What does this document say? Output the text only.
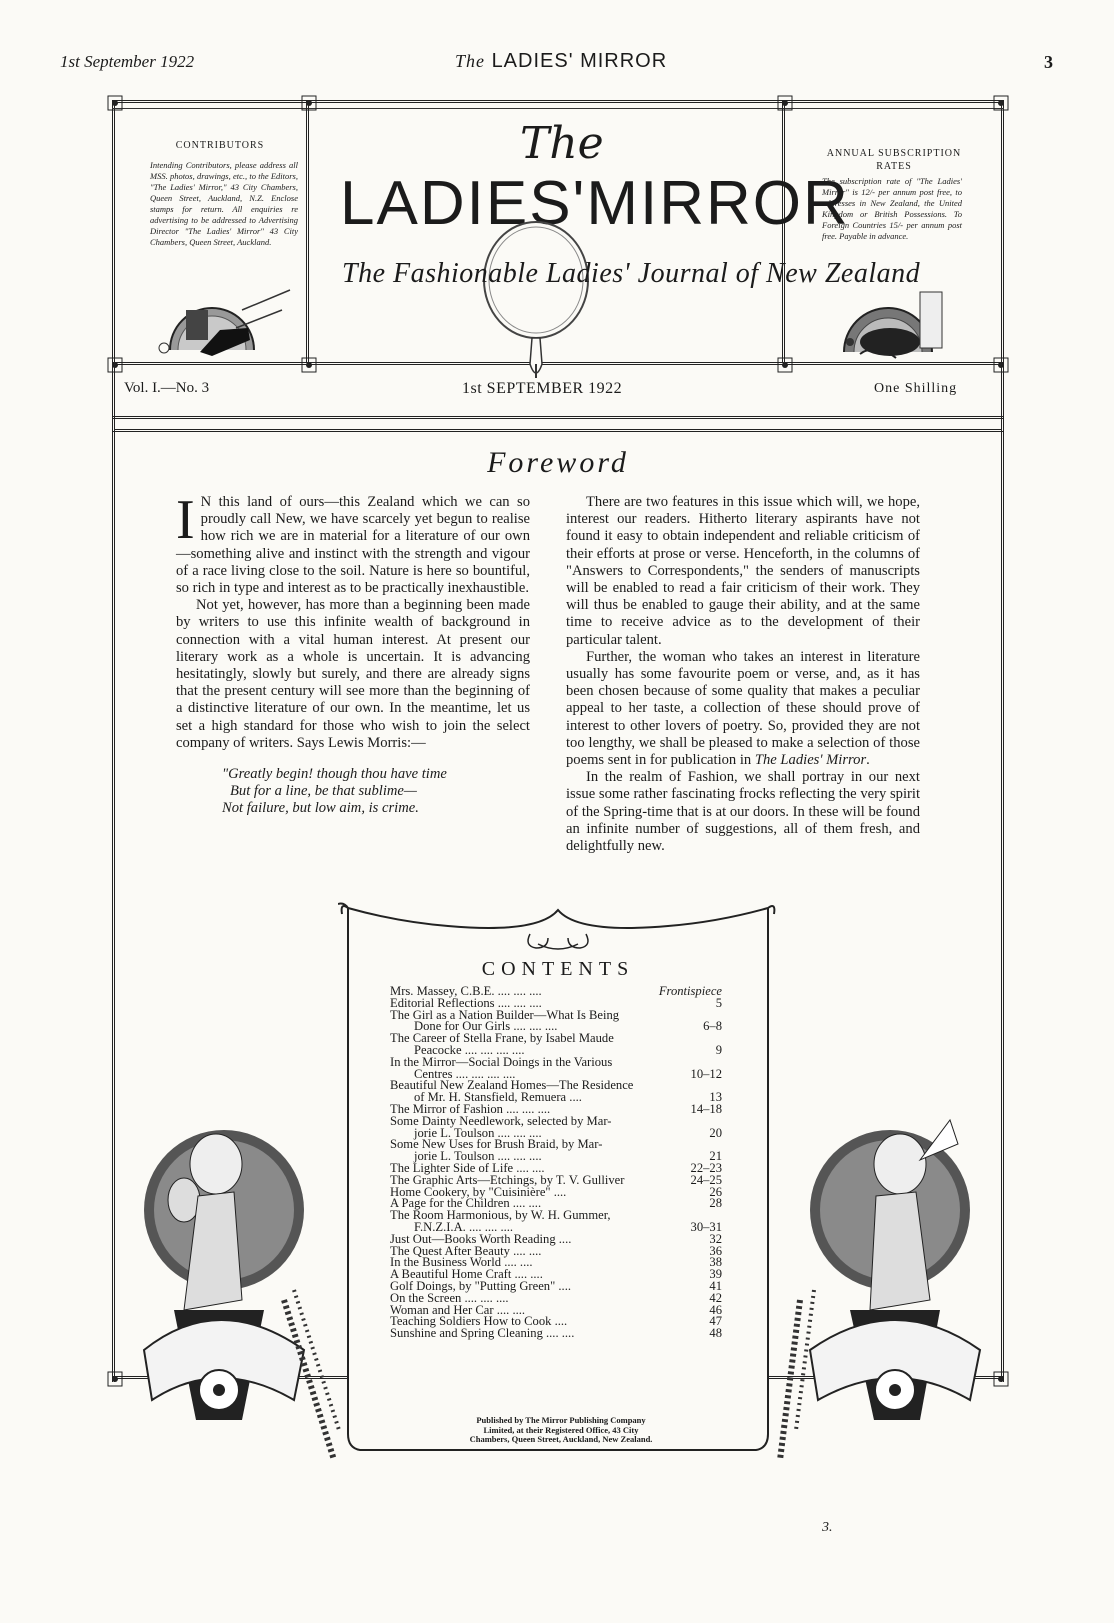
1st September 1922	The LADIES' MIRROR	3
CONTRIBUTORS
Intending Contributors, please address all MSS. photos, drawings, etc., to the Editors, "The Ladies' Mirror," 43 City Chambers, Queen Street, Auckland, N.Z. Enclose stamps for return. All enquiries re advertising to be addressed to Advertising Director "The Ladies' Mirror" 43 City Chambers, Queen Street, Auckland.
ANNUAL SUBSCRIPTION RATES
The subscription rate of "The Ladies' Mirror" is 12/- per annum post free, to addresses in New Zealand, the United Kingdom or British Possessions. To Foreign Countries 15/- per annum post free. Payable in advance.
The
LADIES'MIRROR
The Fashionable Ladies' Journal of New Zealand
Vol. I.—No. 3	1st SEPTEMBER 1922	One Shilling
Foreword

I N this land of ours—this Zealand which we can so proudly call New, we have scarcely yet begun to realise how rich we are in material for a literature of our own—something alive and instinct with the strength and vigour of a race living close to the soil. Nature is here so bountiful, so rich in type and interest as to be practically inexhaustible.

Not yet, however, has more than a beginning been made by writers to use this infinite wealth of background in connection with a vital human interest. At present our literary work as a whole is uncertain. It is advancing hesitatingly, slowly but surely, and there are already signs that the present century will see more than the beginning of a distinctive literature of our own. In the meantime, let us set a high standard for those who wish to join the select company of writers. Says Lewis Morris:—

"Greatly begin! though thou have time
But for a line, be that sublime—
Not failure, but low aim, is crime.

There are two features in this issue which will, we hope, interest our readers. Hitherto literary aspirants have not found it easy to obtain independent and reliable criticism of their efforts at prose or verse. Henceforth, in the columns of "Answers to Correspondents," the senders of manuscripts will be enabled to read a fair criticism of their work. They will thus be enabled to gauge their ability, and at the same time to receive advice as to the development of their particular talent.

Further, the woman who takes an interest in literature usually has some favourite poem or verse, and, as it has been chosen because of some quality that makes a peculiar appeal to her taste, a collection of these should prove of interest to other lovers of poetry. So, provided they are not too lengthy, we shall be pleased to make a selection of those poems sent in for publication in The Ladies' Mirror.

In the realm of Fashion, we shall portray in our next issue some rather fascinating frocks reflecting the very spirit of the Spring-time that is at our doors. In these will be found an infinite number of suggestions, all of them fresh, and delightfully new.

CONTENTS
Mrs. Massey, C.B.E. .... .... ....	Frontispiece
Editorial Reflections .... .... ....	5
The Girl as a Nation Builder—What Is Being
Done for Our Girls .... .... ....	6–8
The Career of Stella Frane, by Isabel Maude
Peacocke .... .... .... ....	9
In the Mirror—Social Doings in the Various
Centres .... .... .... ....	10–12
Beautiful New Zealand Homes—The Residence
of Mr. H. Stansfield, Remuera ....	13
The Mirror of Fashion .... .... ....	14–18
Some Dainty Needlework, selected by Mar-
jorie L. Toulson .... .... ....	20
Some New Uses for Brush Braid, by Mar-
jorie L. Toulson .... .... ....	21
The Lighter Side of Life .... ....	22–23
The Graphic Arts—Etchings, by T. V. Gulliver	24–25
Home Cookery, by "Cuisinière" ....	26
A Page for the Children .... ....	28
The Room Harmonious, by W. H. Gummer,
F.N.Z.I.A. .... .... ....	30–31
Just Out—Books Worth Reading ....	32
The Quest After Beauty .... ....	36
In the Business World .... ....	38
A Beautiful Home Craft .... ....	39
Golf Doings, by "Putting Green" ....	41
On the Screen .... .... ....	42
Woman and Her Car .... ....	46
Teaching Soldiers How to Cook ....	47
Sunshine and Spring Cleaning .... ....	48
Published by The Mirror Publishing Company Limited, at their Registered Office, 43 City Chambers, Queen Street, Auckland, New Zealand.
3.
